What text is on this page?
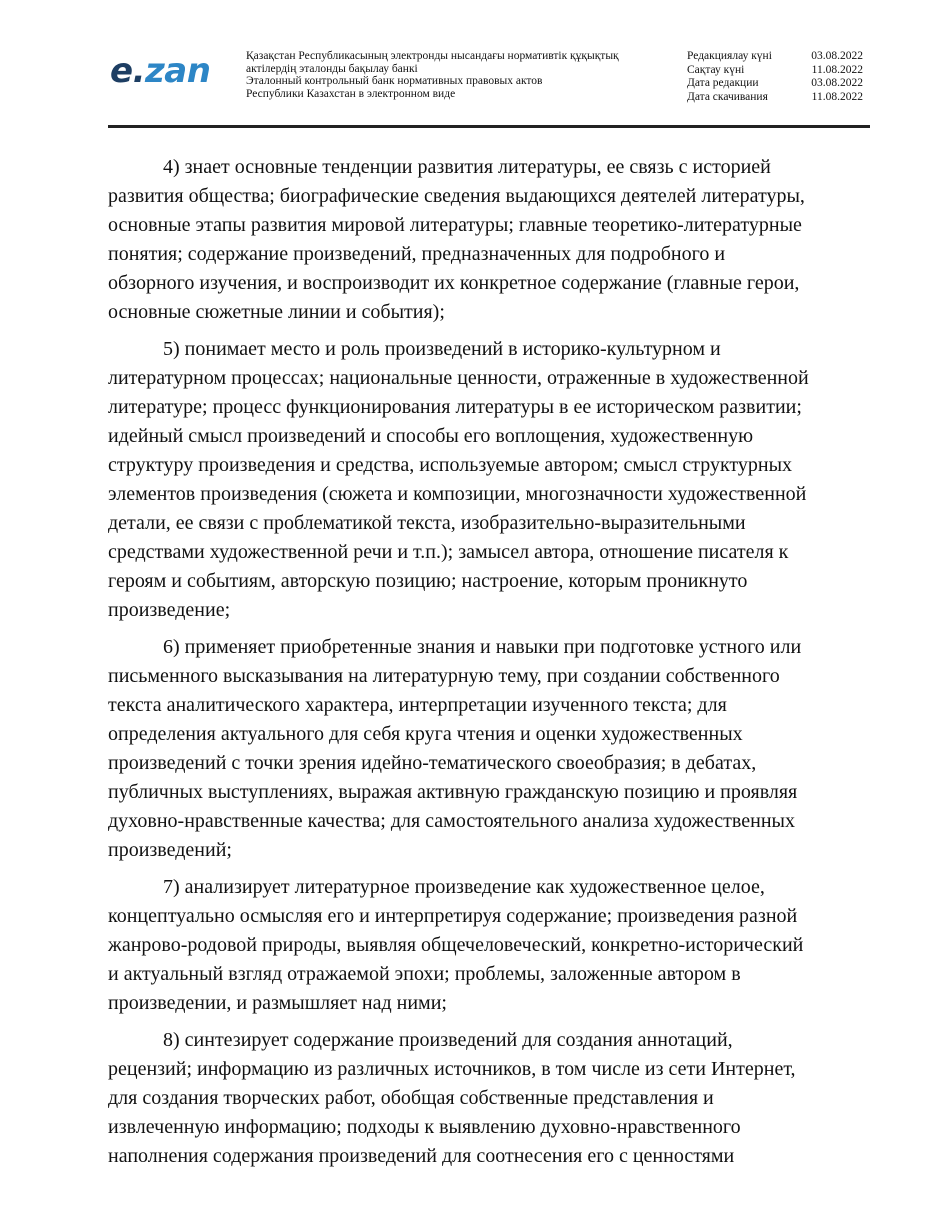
e.zan	Қазақстан Республикасының электронды нысандағы нормативтік құқықтық
актілердің эталонды бақылау банкі
Эталонный контрольный банк нормативных правовых актов
Республики Казахстан в электронном виде
Редакциялау күні	03.08.2022
Сақтау күні	11.08.2022
Дата редакции	03.08.2022
Дата скачивания	11.08.2022
4) знает основные тенденции развития литературы, ее связь с историей
развития общества; биографические сведения выдающихся деятелей литературы,
основные этапы развития мировой литературы; главные теоретико-литературные
понятия; содержание произведений, предназначенных для подробного и
обзорного изучения, и воспроизводит их конкретное содержание (главные герои,
основные сюжетные линии и события);
5) понимает место и роль произведений в историко-культурном и
литературном процессах; национальные ценности, отраженные в художественной
литературе; процесс функционирования литературы в ее историческом развитии;
идейный смысл произведений и способы его воплощения, художественную
структуру произведения и средства, используемые автором; смысл структурных
элементов произведения (сюжета и композиции, многозначности художественной
детали, ее связи с проблематикой текста, изобразительно-выразительными
средствами художественной речи и т.п.); замысел автора, отношение писателя к
героям и событиям, авторскую позицию; настроение, которым проникнуто
произведение;
6) применяет приобретенные знания и навыки при подготовке устного или
письменного высказывания на литературную тему, при создании собственного
текста аналитического характера, интерпретации изученного текста; для
определения актуального для себя круга чтения и оценки художественных
произведений с точки зрения идейно-тематического своеобразия; в дебатах,
публичных выступлениях, выражая активную гражданскую позицию и проявляя
духовно-нравственные качества; для самостоятельного анализа художественных
произведений;
7) анализирует литературное произведение как художественное целое,
концептуально осмысляя его и интерпретируя содержание; произведения разной
жанрово-родовой природы, выявляя общечеловеческий, конкретно-исторический
и актуальный взгляд отражаемой эпохи; проблемы, заложенные автором в
произведении, и размышляет над ними;
8) синтезирует содержание произведений для создания аннотаций,
рецензий; информацию из различных источников, в том числе из сети Интернет,
для создания творческих работ, обобщая собственные представления и
извлеченную информацию; подходы к выявлению духовно-нравственного
наполнения содержания произведений для соотнесения его с ценностями
